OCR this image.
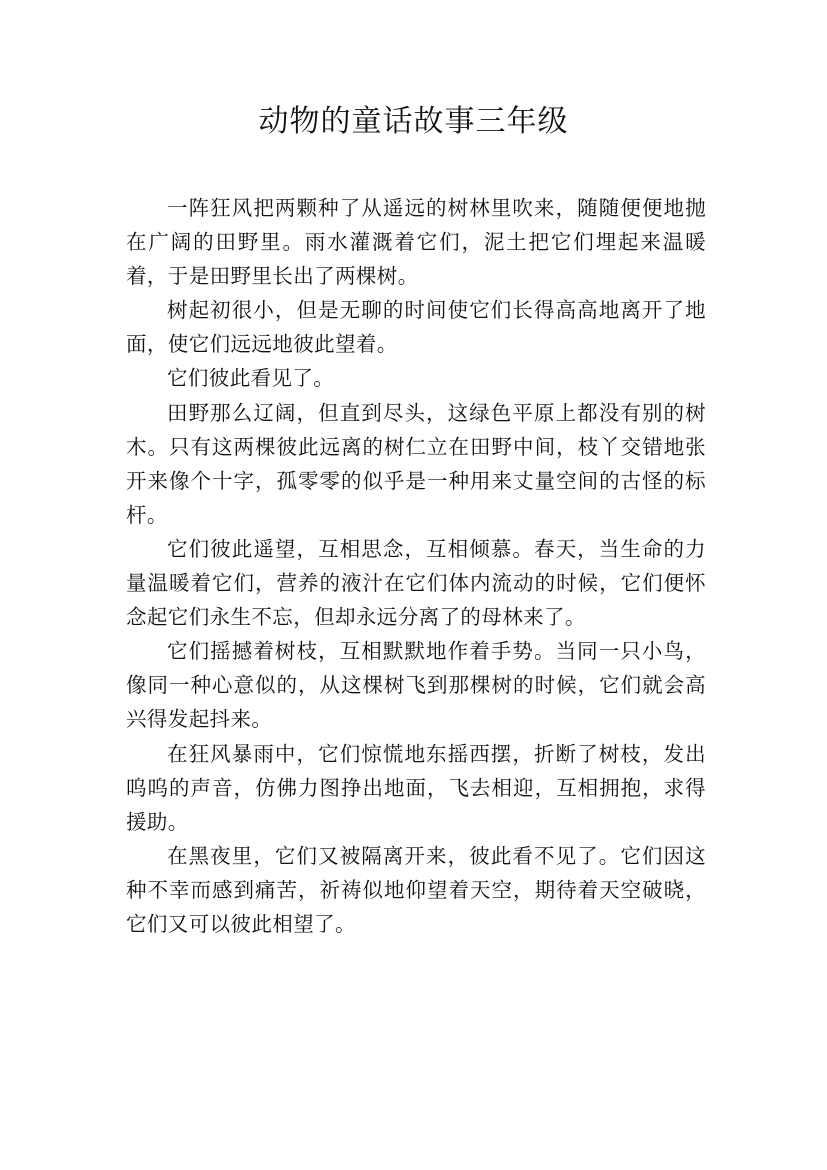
动物的童话故事三年级

一阵狂风把两颗种了从遥远的树林里吹来，随随便便地抛在广阔的田野里。雨水灌溉着它们，泥土把它们埋起来温暖着，于是田野里长出了两棵树。

树起初很小，但是无聊的时间使它们长得高高地离开了地面，使它们远远地彼此望着。

它们彼此看见了。

田野那么辽阔，但直到尽头，这绿色平原上都没有别的树木。只有这两棵彼此远离的树仁立在田野中间，枝丫交错地张开来像个十字，孤零零的似乎是一种用来丈量空间的古怪的标杆。

它们彼此遥望，互相思念，互相倾慕。春天，当生命的力量温暖着它们，营养的液汁在它们体内流动的时候，它们便怀念起它们永生不忘，但却永远分离了的母林来了。

它们摇撼着树枝，互相默默地作着手势。当同一只小鸟，像同一种心意似的，从这棵树飞到那棵树的时候，它们就会高兴得发起抖来。

在狂风暴雨中，它们惊慌地东摇西摆，折断了树枝，发出呜呜的声音，仿佛力图挣出地面，飞去相迎，互相拥抱，求得援助。

在黑夜里，它们又被隔离开来，彼此看不见了。它们因这种不幸而感到痛苦，祈祷似地仰望着天空，期待着天空破晓，它们又可以彼此相望了。
